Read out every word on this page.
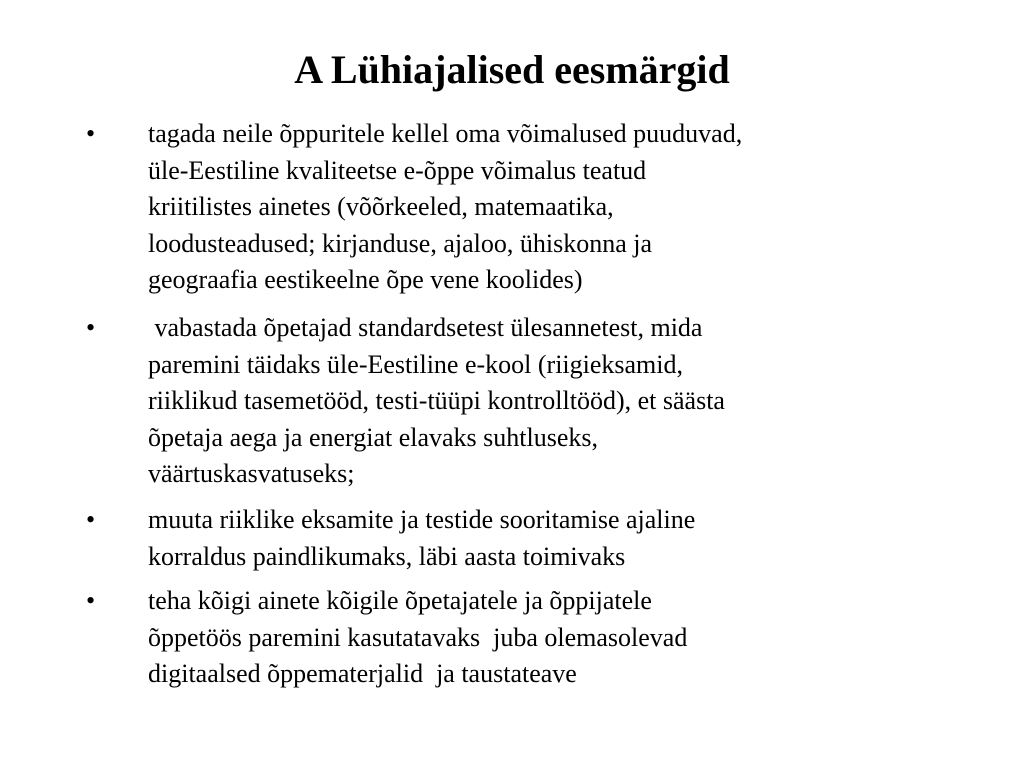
A Lühiajalised eesmärgid
• tagada neile õppuritele kellel oma võimalused puuduvad,
üle-Eestiline kvaliteetse e-õppe võimalus teatud
kriitilistes ainetes (võõrkeeled, matemaatika,
loodusteadused; kirjanduse, ajaloo, ühiskonna ja
geograafia eestikeelne õpe vene koolides)
• vabastada õpetajad standardsetest ülesannetest, mida
paremini täidaks üle-Eestiline e-kool (riigieksamid,
riiklikud tasemetööd, testi-tüüpi kontrolltööd), et säästa
õpetaja aega ja energiat elavaks suhtluseks,
väärtuskasvatuseks;
• muuta riiklike eksamite ja testide sooritamise ajaline
korraldus paindlikumaks, läbi aasta toimivaks
• teha kõigi ainete kõigile õpetajatele ja õppijatele
õppetöös paremini kasutatavaks  juba olemasolevad
digitaalsed õppematerjalid  ja taustateave
